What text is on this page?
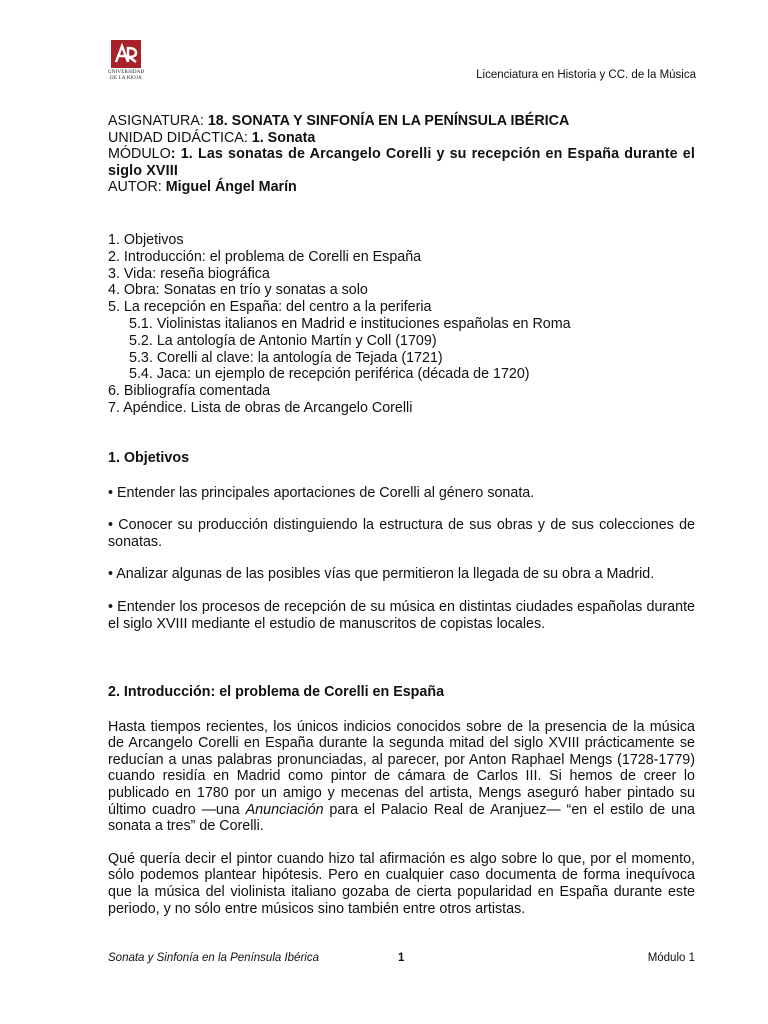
UNIVERSIDAD
DE LA RIOJA	Licenciatura en Historia y CC. de la Música
ASIGNATURA: 18. SONATA Y SINFONÍA EN LA PENÍNSULA IBÉRICA
UNIDAD DIDÁCTICA: 1. Sonata
MÓDULO: 1. Las sonatas de Arcangelo Corelli y su recepción en España durante el siglo XVIII
AUTOR: Miguel Ángel Marín
1. Objetivos
2. Introducción: el problema de Corelli en España
3. Vida: reseña biográfica
4. Obra: Sonatas en trío y sonatas a solo
5. La recepción en España: del centro a la periferia
5.1. Violinistas italianos en Madrid e instituciones españolas en Roma
5.2. La antología de Antonio Martín y Coll (1709)
5.3. Corelli al clave: la antología de Tejada (1721)
5.4. Jaca: un ejemplo de recepción periférica (década de 1720)
6. Bibliografía comentada
7. Apéndice. Lista de obras de Arcangelo Corelli
1. Objetivos
• Entender las principales aportaciones de Corelli al género sonata.
• Conocer su producción distinguiendo la estructura de sus obras y de sus colecciones de sonatas.
• Analizar algunas de las posibles vías que permitieron la llegada de su obra a Madrid.
• Entender los procesos de recepción de su música en distintas ciudades españolas durante el siglo XVIII mediante el estudio de manuscritos de copistas locales.
2. Introducción: el problema de Corelli en España
Hasta tiempos recientes, los únicos indicios conocidos sobre de la presencia de la música de Arcangelo Corelli en España durante la segunda mitad del siglo XVIII prácticamente se reducían a unas palabras pronunciadas, al parecer, por Anton Raphael Mengs (1728-1779) cuando residía en Madrid como pintor de cámara de Carlos III. Si hemos de creer lo publicado en 1780 por un amigo y mecenas del artista, Mengs aseguró haber pintado su último cuadro —una Anunciación para el Palacio Real de Aranjuez— “en el estilo de una sonata a tres” de Corelli.
Qué quería decir el pintor cuando hizo tal afirmación es algo sobre lo que, por el momento, sólo podemos plantear hipótesis. Pero en cualquier caso documenta de forma inequívoca que la música del violinista italiano gozaba de cierta popularidad en España durante este periodo, y no sólo entre músicos sino también entre otros artistas.
Sonata y Sinfonía en la Península Ibérica	1	Módulo 1
